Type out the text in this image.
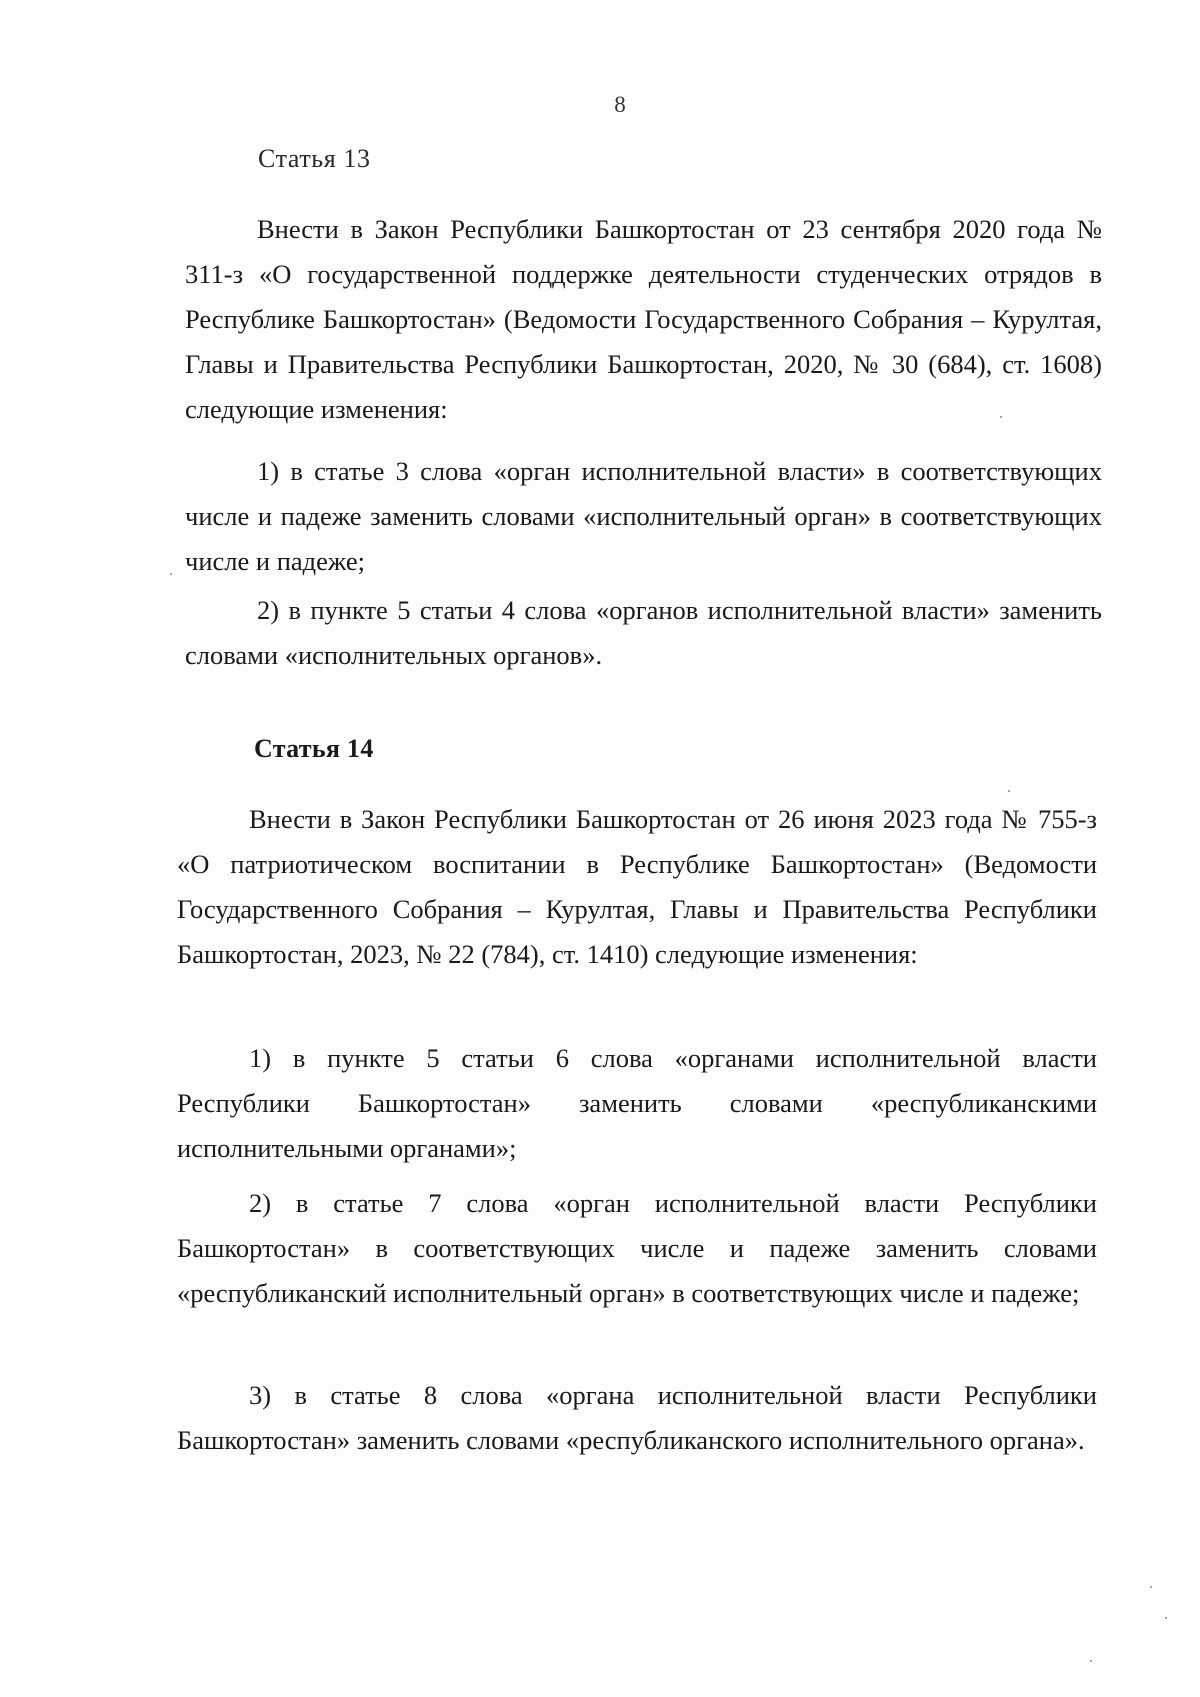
8
Статья 13

Внести в Закон Республики Башкортостан от 23 сентября 2020 года № 311-з «О государственной поддержке деятельности студенческих отрядов в Республике Башкортостан» (Ведомости Государственного Собрания – Курултая, Главы и Правительства Республики Башкортостан, 2020, № 30 (684), ст. 1608) следующие изменения:

1) в статье 3 слова «орган исполнительной власти» в соответствующих числе и падеже заменить словами «исполнительный орган» в соответствующих числе и падеже;

2) в пункте 5 статьи 4 слова «органов исполнительной власти» заменить словами «исполнительных органов».

Статья 14

Внести в Закон Республики Башкортостан от 26 июня 2023 года № 755-з «О патриотическом воспитании в Республике Башкортостан» (Ведомости Государственного Собрания – Курултая, Главы и Правительства Республики Башкортостан, 2023, № 22 (784), ст. 1410) следующие изменения:

1) в пункте 5 статьи 6 слова «органами исполнительной власти Республики Башкортостан» заменить словами «республиканскими исполнительными органами»;

2) в статье 7 слова «орган исполнительной власти Республики Башкортостан» в соответствующих числе и падеже заменить словами «республиканский исполнительный орган» в соответствующих числе и падеже;

3) в статье 8 слова «органа исполнительной власти Республики Башкортостан» заменить словами «республиканского исполнительного органа».
